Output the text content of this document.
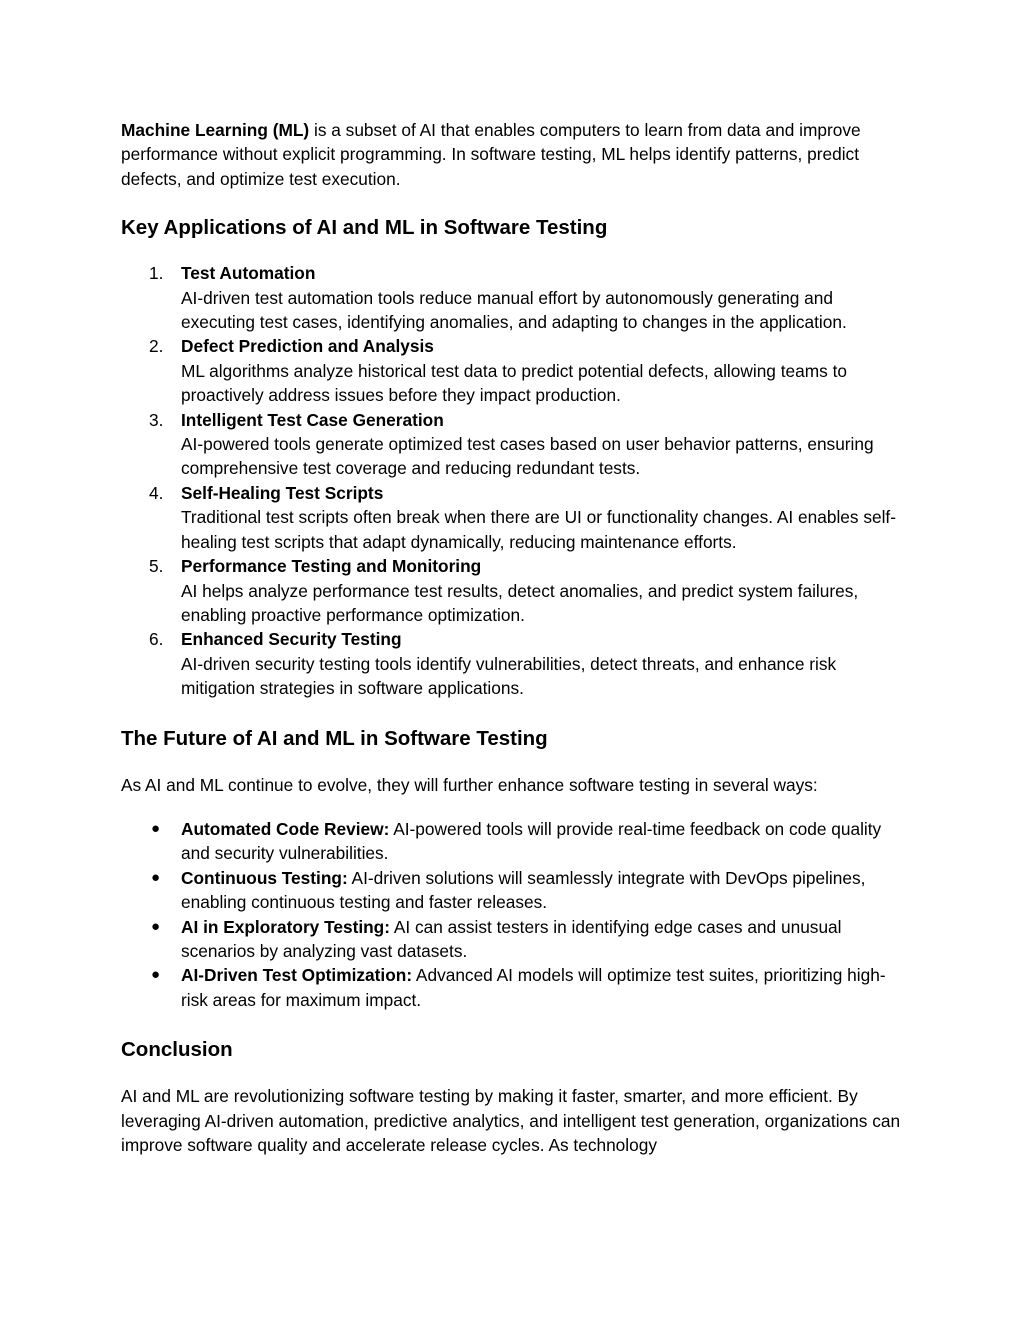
Machine Learning (ML) is a subset of AI that enables computers to learn from data and improve performance without explicit programming. In software testing, ML helps identify patterns, predict defects, and optimize test execution.

Key Applications of AI and ML in Software Testing
1. Test Automation
AI-driven test automation tools reduce manual effort by autonomously generating and executing test cases, identifying anomalies, and adapting to changes in the application.
2. Defect Prediction and Analysis
ML algorithms analyze historical test data to predict potential defects, allowing teams to proactively address issues before they impact production.
3. Intelligent Test Case Generation
AI-powered tools generate optimized test cases based on user behavior patterns, ensuring comprehensive test coverage and reducing redundant tests.
4. Self-Healing Test Scripts
Traditional test scripts often break when there are UI or functionality changes. AI enables self-healing test scripts that adapt dynamically, reducing maintenance efforts.
5. Performance Testing and Monitoring
AI helps analyze performance test results, detect anomalies, and predict system failures, enabling proactive performance optimization.
6. Enhanced Security Testing
AI-driven security testing tools identify vulnerabilities, detect threats, and enhance risk mitigation strategies in software applications.
The Future of AI and ML in Software Testing

As AI and ML continue to evolve, they will further enhance software testing in several ways:

● Automated Code Review: AI-powered tools will provide real-time feedback on code quality and security vulnerabilities.
● Continuous Testing: AI-driven solutions will seamlessly integrate with DevOps pipelines, enabling continuous testing and faster releases.
● AI in Exploratory Testing: AI can assist testers in identifying edge cases and unusual scenarios by analyzing vast datasets.
● AI-Driven Test Optimization: Advanced AI models will optimize test suites, prioritizing high-risk areas for maximum impact.
Conclusion

AI and ML are revolutionizing software testing by making it faster, smarter, and more efficient. By leveraging AI-driven automation, predictive analytics, and intelligent test generation, organizations can improve software quality and accelerate release cycles. As technology
